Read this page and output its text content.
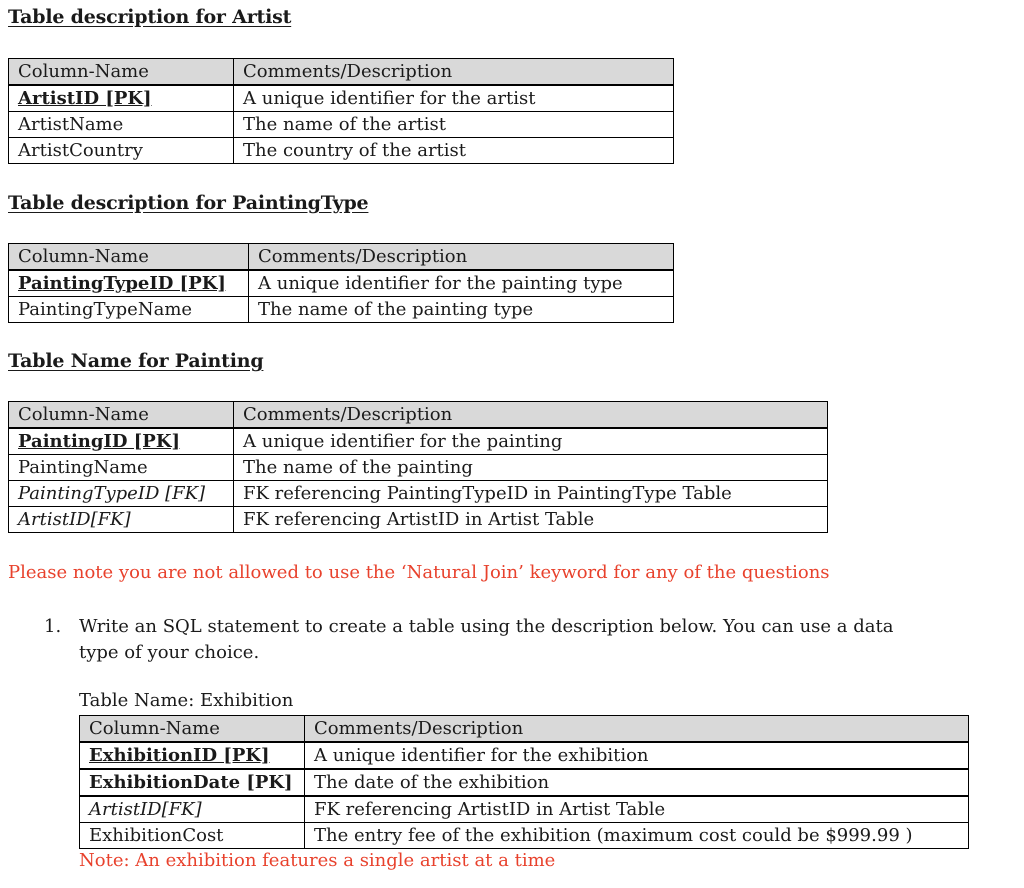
Table description for Artist
Column-Name	Comments/Description
ArtistID [PK]	A unique identifier for the artist
ArtistName	The name of the artist
ArtistCountry	The country of the artist
Table description for PaintingType
Column-Name	Comments/Description
PaintingTypeID [PK]	A unique identifier for the painting type
PaintingTypeName	The name of the painting type
Table Name for Painting
Column-Name	Comments/Description
PaintingID [PK]	A unique identifier for the painting
PaintingName	The name of the painting
PaintingTypeID [FK]	FK referencing PaintingTypeID in PaintingType Table
ArtistID[FK]	FK referencing ArtistID in Artist Table
Please note you are not allowed to use the ‘Natural Join’ keyword for any of the questions
1. Write an SQL statement to create a table using the description below. You can use a data type of your choice.
Table Name: Exhibition
Column-Name	Comments/Description
ExhibitionID [PK]	A unique identifier for the exhibition
ExhibitionDate [PK]	The date of the exhibition
ArtistID[FK]	FK referencing ArtistID in Artist Table
ExhibitionCost	The entry fee of the exhibition (maximum cost could be $999.99 )
Note: An exhibition features a single artist at a time
